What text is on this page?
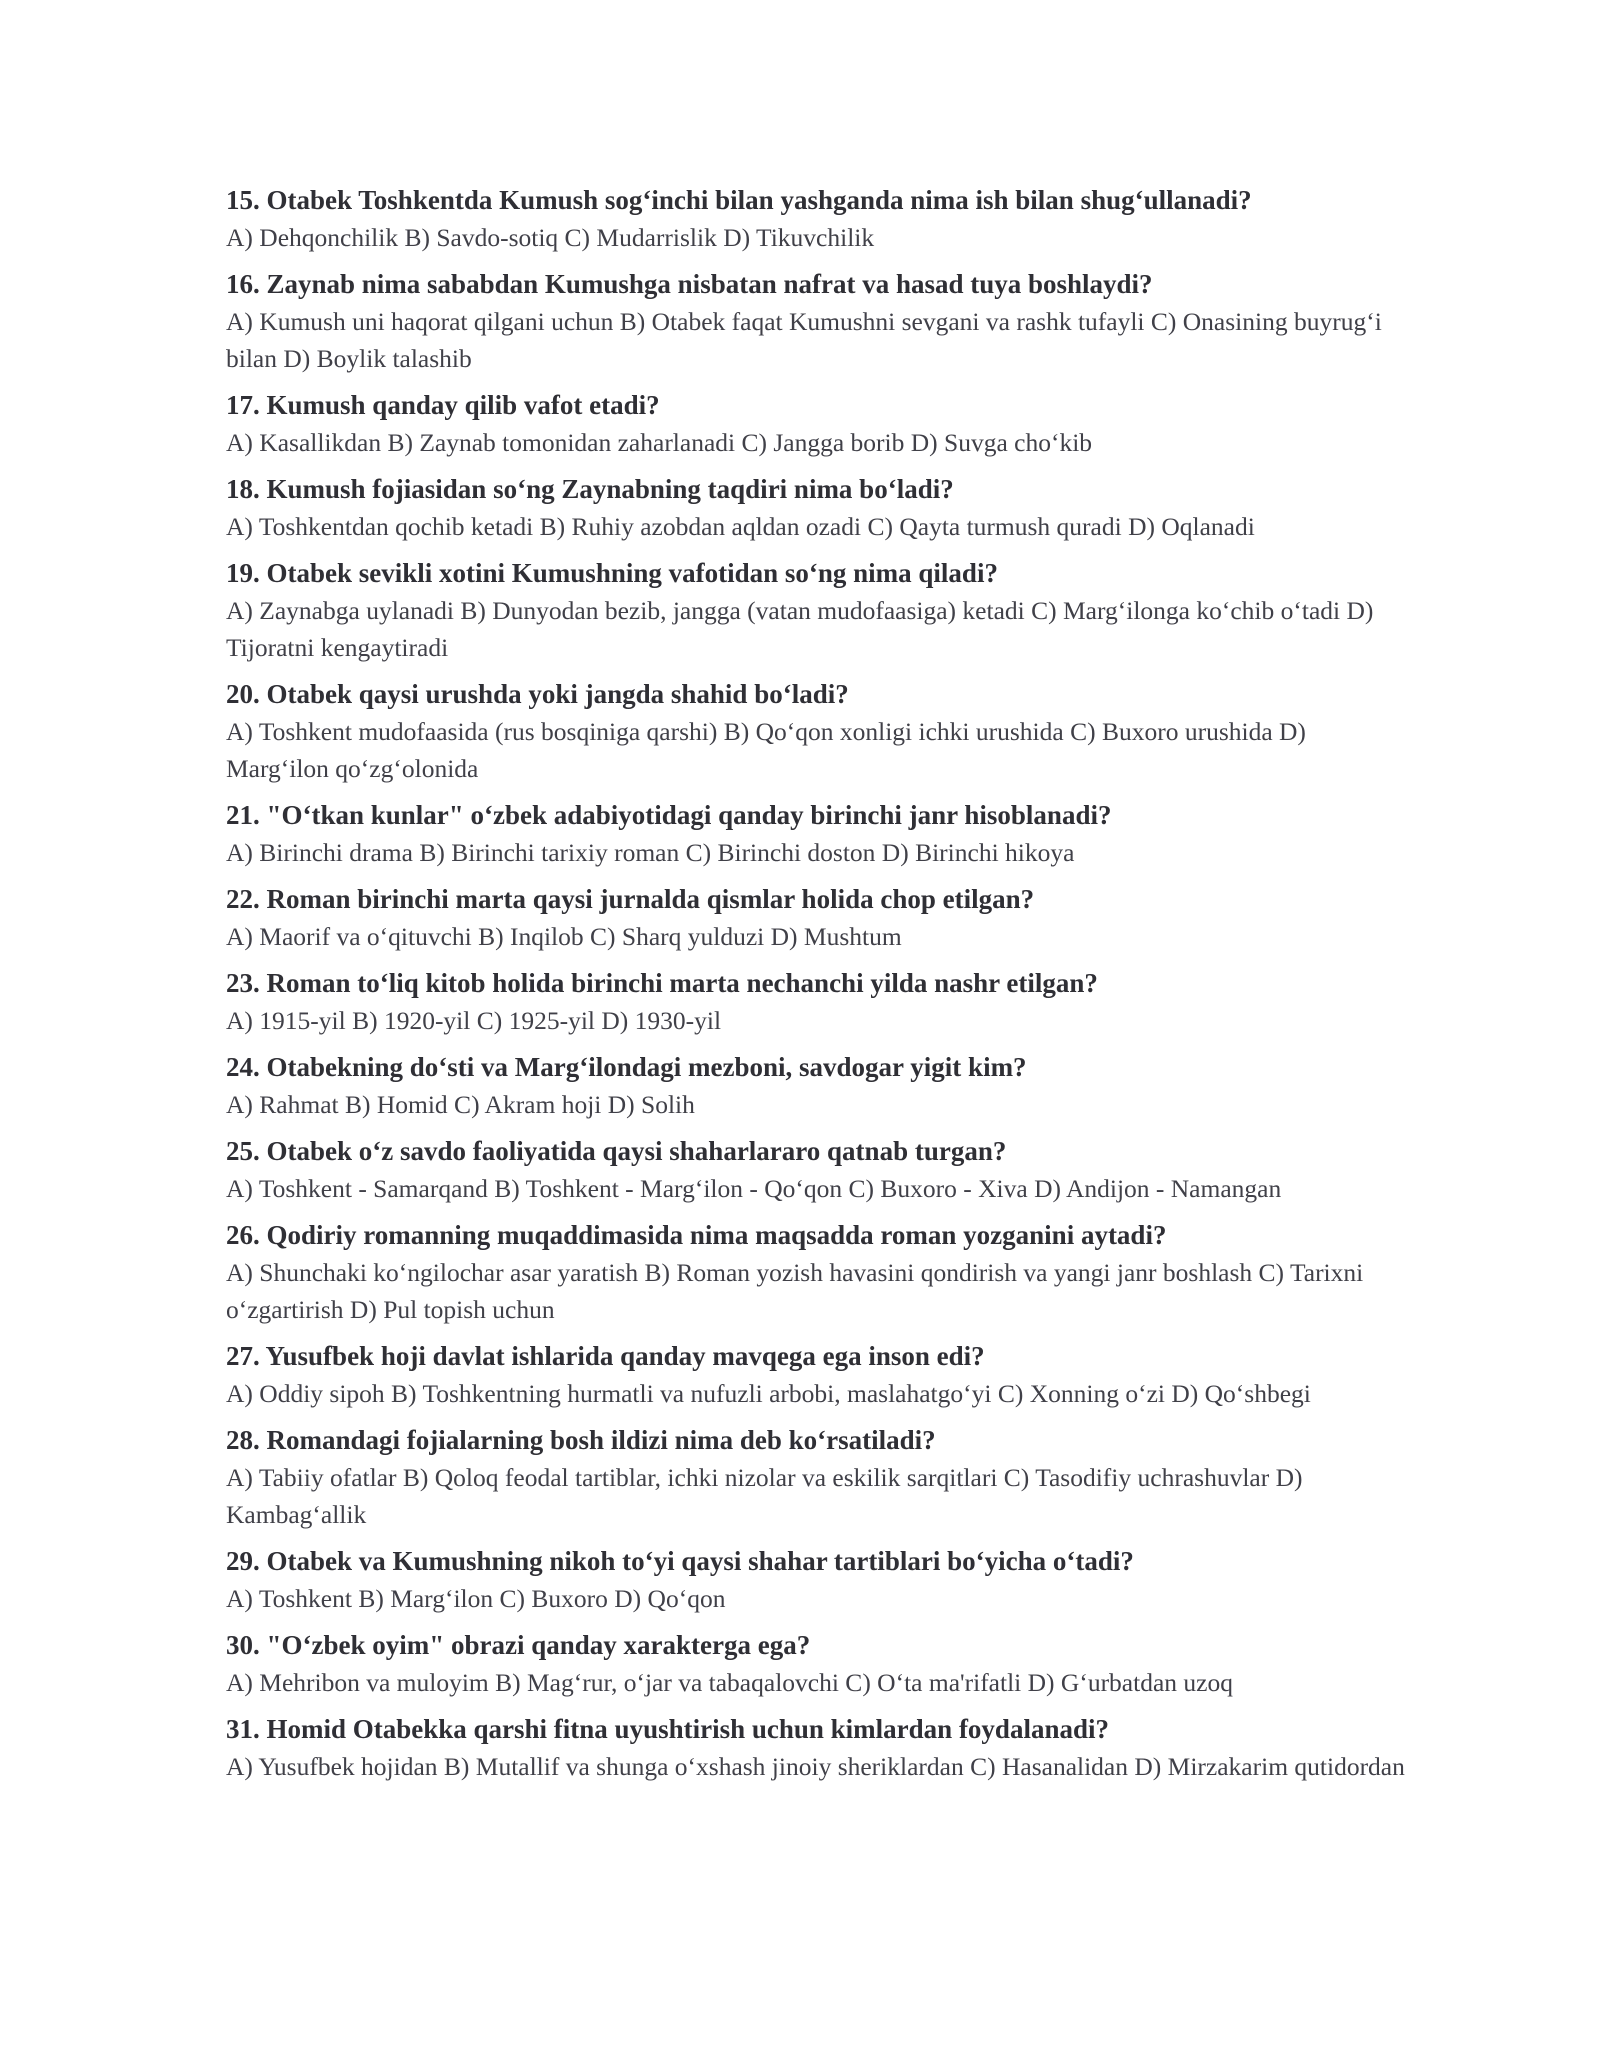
15. Otabek Toshkentda Kumush sog‘inchi bilan yashganda nima ish bilan shug‘ullanadi?
A) Dehqonchilik B) Savdo-sotiq C) Mudarrislik D) Tikuvchilik
16. Zaynab nima sababdan Kumushga nisbatan nafrat va hasad tuya boshlaydi?
A) Kumush uni haqorat qilgani uchun B) Otabek faqat Kumushni sevgani va rashk tufayli C) Onasining buyrug‘i bilan D) Boylik talashib
17. Kumush qanday qilib vafot etadi?
A) Kasallikdan B) Zaynab tomonidan zaharlanadi C) Jangga borib D) Suvga cho‘kib
18. Kumush fojiasidan so‘ng Zaynabning taqdiri nima bo‘ladi?
A) Toshkentdan qochib ketadi B) Ruhiy azobdan aqldan ozadi C) Qayta turmush quradi D) Oqlanadi
19. Otabek sevikli xotini Kumushning vafotidan so‘ng nima qiladi?
A) Zaynabga uylanadi B) Dunyodan bezib, jangga (vatan mudofaasiga) ketadi C) Marg‘ilonga ko‘chib o‘tadi D) Tijoratni kengaytiradi
20. Otabek qaysi urushda yoki jangda shahid bo‘ladi?
A) Toshkent mudofaasida (rus bosqiniga qarshi) B) Qo‘qon xonligi ichki urushida C) Buxoro urushida D) Marg‘ilon qo‘zg‘olonida
21. "O‘tkan kunlar" o‘zbek adabiyotidagi qanday birinchi janr hisoblanadi?
A) Birinchi drama B) Birinchi tarixiy roman C) Birinchi doston D) Birinchi hikoya
22. Roman birinchi marta qaysi jurnalda qismlar holida chop etilgan?
A) Maorif va o‘qituvchi B) Inqilob C) Sharq yulduzi D) Mushtum
23. Roman to‘liq kitob holida birinchi marta nechanchi yilda nashr etilgan?
A) 1915-yil B) 1920-yil C) 1925-yil D) 1930-yil
24. Otabekning do‘sti va Marg‘ilondagi mezboni, savdogar yigit kim?
A) Rahmat B) Homid C) Akram hoji D) Solih
25. Otabek o‘z savdo faoliyatida qaysi shaharlararo qatnab turgan?
A) Toshkent - Samarqand B) Toshkent - Marg‘ilon - Qo‘qon C) Buxoro - Xiva D) Andijon - Namangan
26. Qodiriy romanning muqaddimasida nima maqsadda roman yozganini aytadi?
A) Shunchaki ko‘ngilochar asar yaratish B) Roman yozish havasini qondirish va yangi janr boshlash C) Tarixni o‘zgartirish D) Pul topish uchun
27. Yusufbek hoji davlat ishlarida qanday mavqega ega inson edi?
A) Oddiy sipoh B) Toshkentning hurmatli va nufuzli arbobi, maslahatgo‘yi C) Xonning o‘zi D) Qo‘shbegi
28. Romandagi fojialarning bosh ildizi nima deb ko‘rsatiladi?
A) Tabiiy ofatlar B) Qoloq feodal tartiblar, ichki nizolar va eskilik sarqitlari C) Tasodifiy uchrashuvlar D) Kambag‘allik
29. Otabek va Kumushning nikoh to‘yi qaysi shahar tartiblari bo‘yicha o‘tadi?
A) Toshkent B) Marg‘ilon C) Buxoro D) Qo‘qon
30. "O‘zbek oyim" obrazi qanday xarakterga ega?
A) Mehribon va muloyim B) Mag‘rur, o‘jar va tabaqalovchi C) O‘ta ma'rifatli D) G‘urbatdan uzoq
31. Homid Otabekka qarshi fitna uyushtirish uchun kimlardan foydalanadi?
A) Yusufbek hojidan B) Mutallif va shunga o‘xshash jinoiy sheriklardan C) Hasanalidan D) Mirzakarim qutidordan
